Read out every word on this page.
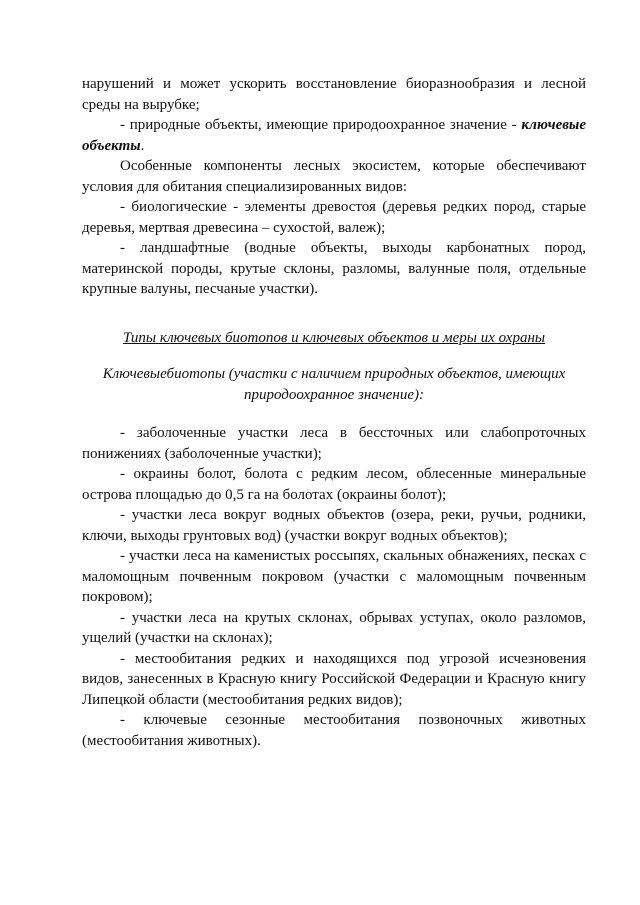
нарушений и может ускорить восстановление биоразнообразия и лесной среды на вырубке;

- природные объекты, имеющие природоохранное значение - ключевые объекты.

Особенные компоненты лесных экосистем, которые обеспечивают условия для обитания специализированных видов:

- биологические - элементы древостоя (деревья редких пород, старые деревья, мертвая древесина – сухостой, валеж);

- ландшафтные (водные объекты, выходы карбонатных пород, материнской породы, крутые склоны, разломы, валунные поля, отдельные крупные валуны, песчаные участки).

Типы ключевых биотопов и ключевых объектов и меры их охраны

Ключевыебиотопы (участки с наличием природных объектов, имеющих природоохранное значение):

- заболоченные участки леса в бессточных или слабопроточных понижениях (заболоченные участки);

- окраины болот, болота с редким лесом, облесенные минеральные острова площадью до 0,5 га на болотах (окраины болот);

- участки леса вокруг водных объектов (озера, реки, ручьи, родники, ключи, выходы грунтовых вод) (участки вокруг водных объектов);

- участки леса на каменистых россыпях, скальных обнажениях, песках с маломощным почвенным покровом (участки с маломощным почвенным покровом);

- участки леса на крутых склонах, обрывах уступах, около разломов, ущелий (участки на склонах);

- местообитания редких и находящихся под угрозой исчезновения видов, занесенных в Красную книгу Российской Федерации и Красную книгу Липецкой области (местообитания редких видов);

- ключевые сезонные местообитания позвоночных животных (местообитания животных).
